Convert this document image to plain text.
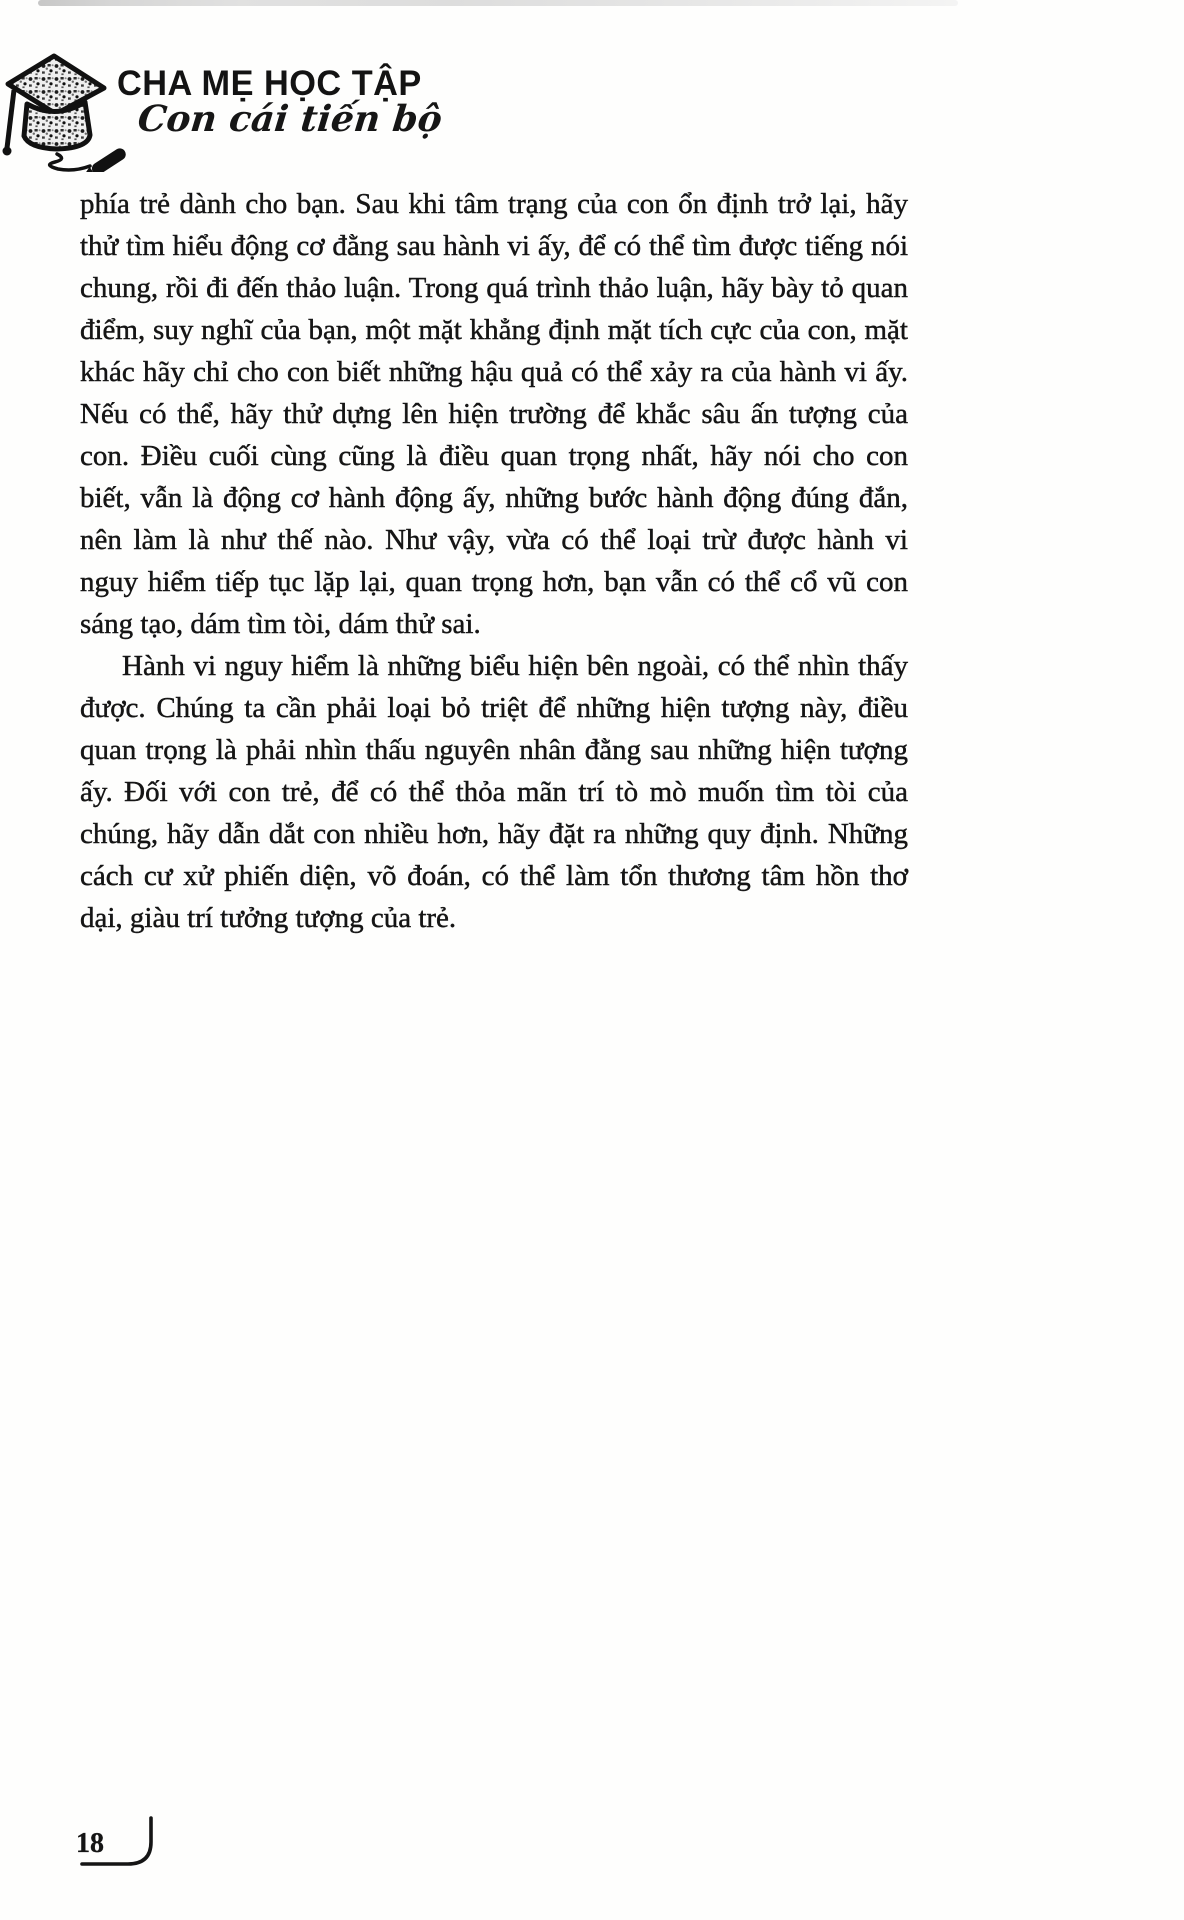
CHA MẸ HỌC TẬP
Con cái tiến bộ

phía trẻ dành cho bạn. Sau khi tâm trạng của con ổn định trở lại, hãy thử tìm hiểu động cơ đằng sau hành vi ấy, để có thể tìm được tiếng nói chung, rồi đi đến thảo luận. Trong quá trình thảo luận, hãy bày tỏ quan điểm, suy nghĩ của bạn, một mặt khẳng định mặt tích cực của con, mặt khác hãy chỉ cho con biết những hậu quả có thể xảy ra của hành vi ấy. Nếu có thể, hãy thử dựng lên hiện trường để khắc sâu ấn tượng của con. Điều cuối cùng cũng là điều quan trọng nhất, hãy nói cho con biết, vẫn là động cơ hành động ấy, những bước hành động đúng đắn, nên làm là như thế nào. Như vậy, vừa có thể loại trừ được hành vi nguy hiểm tiếp tục lặp lại, quan trọng hơn, bạn vẫn có thể cổ vũ con sáng tạo, dám tìm tòi, dám thử sai.

Hành vi nguy hiểm là những biểu hiện bên ngoài, có thể nhìn thấy được. Chúng ta cần phải loại bỏ triệt để những hiện tượng này, điều quan trọng là phải nhìn thấu nguyên nhân đằng sau những hiện tượng ấy. Đối với con trẻ, để có thể thỏa mãn trí tò mò muốn tìm tòi của chúng, hãy dẫn dắt con nhiều hơn, hãy đặt ra những quy định. Những cách cư xử phiến diện, võ đoán, có thể làm tổn thương tâm hồn thơ dại, giàu trí tưởng tượng của trẻ.

18
